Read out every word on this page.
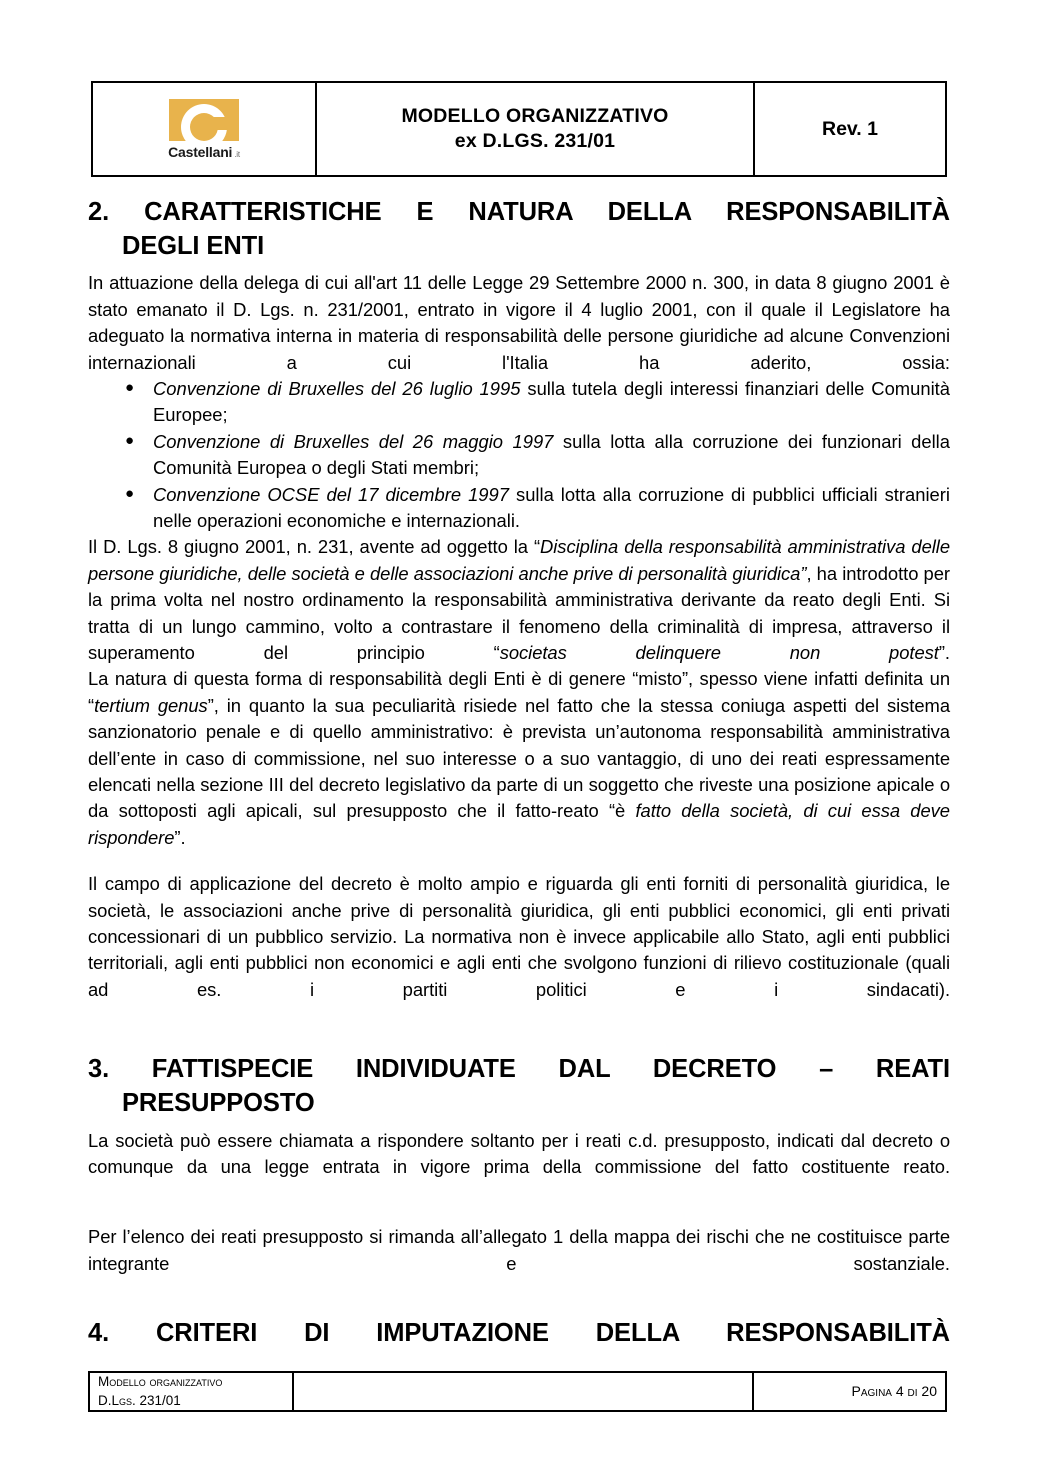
Castellani .it
MODELLO ORGANIZZATIVO
ex D.LGS. 231/01
Rev. 1
2. CARATTERISTICHE E NATURA DELLA RESPONSABILITÀ
DEGLI ENTI

In attuazione della delega di cui all'art 11 delle Legge 29 Settembre 2000 n. 300, in data 8 giugno 2001 è stato emanato il D. Lgs. n. 231/2001, entrato in vigore il 4 luglio 2001, con il quale il Legislatore ha adeguato la normativa interna in materia di responsabilità delle persone giuridiche ad alcune Convenzioni internazionali a cui l'Italia ha aderito, ossia:

● Convenzione di Bruxelles del 26 luglio 1995 sulla tutela degli interessi finanziari delle Comunità Europee;
● Convenzione di Bruxelles del 26 maggio 1997 sulla lotta alla corruzione dei funzionari della Comunità Europea o degli Stati membri;
● Convenzione OCSE del 17 dicembre 1997 sulla lotta alla corruzione di pubblici ufficiali stranieri nelle operazioni economiche e internazionali.

Il D. Lgs. 8 giugno 2001, n. 231, avente ad oggetto la “Disciplina della responsabilità amministrativa delle persone giuridiche, delle società e delle associazioni anche prive di personalità giuridica”, ha introdotto per la prima volta nel nostro ordinamento la responsabilità amministrativa derivante da reato degli Enti. Si tratta di un lungo cammino, volto a contrastare il fenomeno della criminalità di impresa, attraverso il superamento del principio “societas delinquere non potest”.

La natura di questa forma di responsabilità degli Enti è di genere “misto”, spesso viene infatti definita un “tertium genus”, in quanto la sua peculiarità risiede nel fatto che la stessa coniuga aspetti del sistema sanzionatorio penale e di quello amministrativo: è prevista un’autonoma responsabilità amministrativa dell’ente in caso di commissione, nel suo interesse o a suo vantaggio, di uno dei reati espressamente elencati nella sezione III del decreto legislativo da parte di un soggetto che riveste una posizione apicale o da sottoposti agli apicali, sul presupposto che il fatto-reato “è fatto della società, di cui essa deve rispondere”.

Il campo di applicazione del decreto è molto ampio e riguarda gli enti forniti di personalità giuridica, le società, le associazioni anche prive di personalità giuridica, gli enti pubblici economici, gli enti privati concessionari di un pubblico servizio. La normativa non è invece applicabile allo Stato, agli enti pubblici territoriali, agli enti pubblici non economici e agli enti che svolgono funzioni di rilievo costituzionale (quali ad es. i partiti politici e i sindacati).

3. FATTISPECIE INDIVIDUATE DAL DECRETO – REATI
PRESUPPOSTO

La società può essere chiamata a rispondere soltanto per i reati c.d. presupposto, indicati dal decreto o comunque da una legge entrata in vigore prima della commissione del fatto costituente reato.

Per l’elenco dei reati presupposto si rimanda all’allegato 1 della mappa dei rischi che ne costituisce parte integrante e sostanziale.

4. CRITERI DI IMPUTAZIONE DELLA RESPONSABILITÀ
Modello organizzativo
D.Lgs. 231/01
Pagina 4 di 20
